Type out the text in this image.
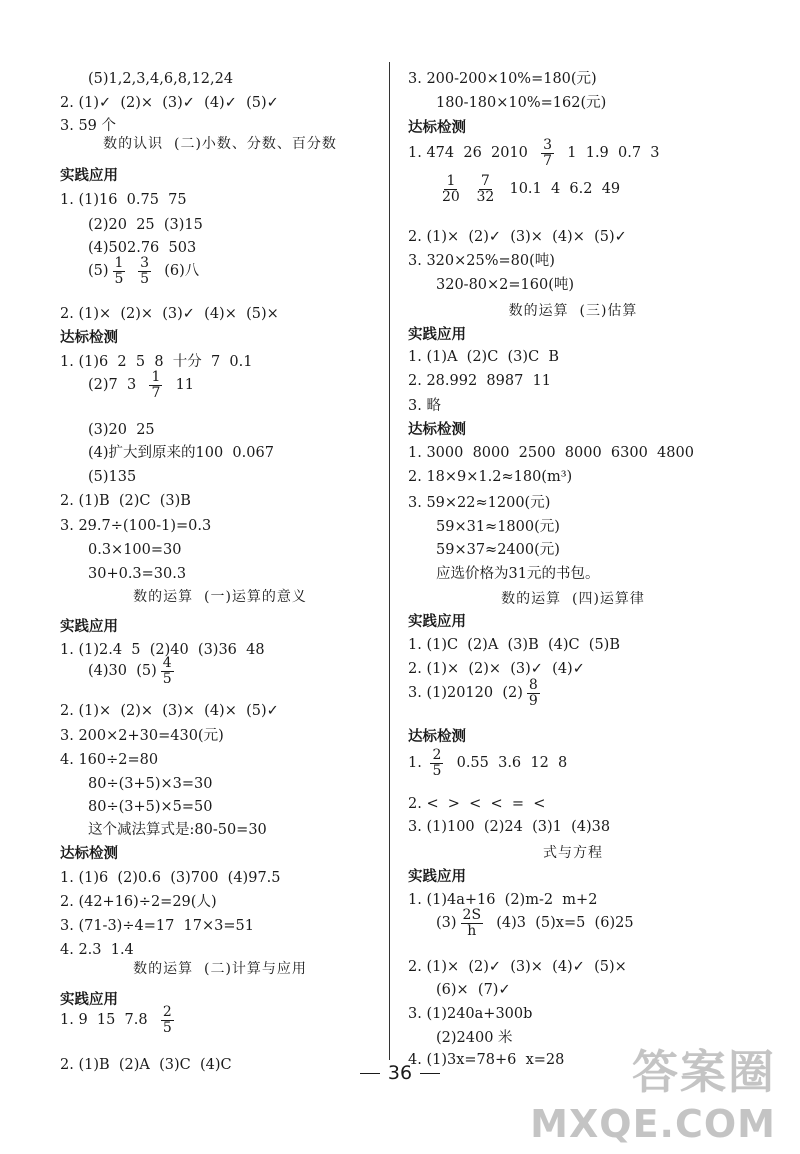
(5)1,2,3,4,6,8,12,24
2. (1)✓  (2)×  (3)✓  (4)✓  (5)✓
3. 59 个
数的认识  (二)小数、分数、百分数
实践应用
1. (1)16  0.75  75
(2)20  25  (3)15
(4)502.76  503
$(5) \frac{1}{5}$
$\frac{3}{5} (6)$八
2. (1)×  (2)×  (3)✓  (4)×  (5)×
达标检测
1. (1)6  2  5  8  十分  7  0.1
(2)7  $3 \frac{1}{7} 11$
(3)20  25
(4)扩大到原来的100  0.067
(5)135
2. (1)B  (2)C  (3)B
3. 29.7÷(100-1)=0.3
0.3×100=30
30+0.3=30.3
数的运算  (一)运算的意义
实践应用
1. (1)2.4  5  (2)40  (3)36  48
(4)30  $(5) \frac{4}{5}$
2. (1)×  (2)×  (3)×  (4)×  (5)✓
3. 200×2+30=430(元)
4. 160÷2=80
80÷(3+5)×3=30
80÷(3+5)×5=50
这个减法算式是:80-50=30
达标检测
1. (1)6  (2)0.6  (3)700  (4)97.5
2. (42+16)÷2=29(人)
3. (71-3)÷4=17  17×3=51
4. 2.3  1.4
数的运算  (二)计算与应用
实践应用
1. 9  15  $7.8 \frac{2}{5}$
2. (1)B  (2)A  (3)C  (4)C
3. 200-200×10%=180(元)
180-180×10%=162(元)
达标检测
1. 474  26  $2010 \frac{3}{7} 1$  1.9  0.7  3
$\frac{1}{20}$
$\frac{7}{32} 10.1$  4  6.2  49
2. (1)×  (2)✓  (3)×  (4)×  (5)✓
3. 320×25%=80(吨)
320-80×2=160(吨)
数的运算  (三)估算
实践应用
1. (1)A  (2)C  (3)C  B
2. 28.992  8987  11
3. 略
达标检测
1. 3000  8000  2500  8000  6300  4800
2. 18×9×1.2≈180(m³)
3. 59×22≈1200(元)
59×31≈1800(元)
59×37≈2400(元)
应选价格为31元的书包。
数的运算  (四)运算律
实践应用
1. (1)C  (2)A  (3)B  (4)C  (5)B
2. (1)×  (2)×  (3)✓  (4)✓
3. (1)20120  $(2) \frac{8}{9}$
达标检测
1. $\frac{2}{5} 0.55$  3.6  12  8
2. <  >  <  <  =  <
3. (1)100  (2)24  (3)1  (4)38
式与方程
实践应用
1. (1)4a+16  (2)m-2  m+2
$(3) \frac{2S}{h} (4)3$  (5)x=5  (6)25
2. (1)×  (2)✓  (3)×  (4)✓  (5)×
(6)×  (7)✓
3. (1)240a+300b
(2)2400 米
4. (1)3x=78+6  x=28
36	答案圈
MXQE.COM
